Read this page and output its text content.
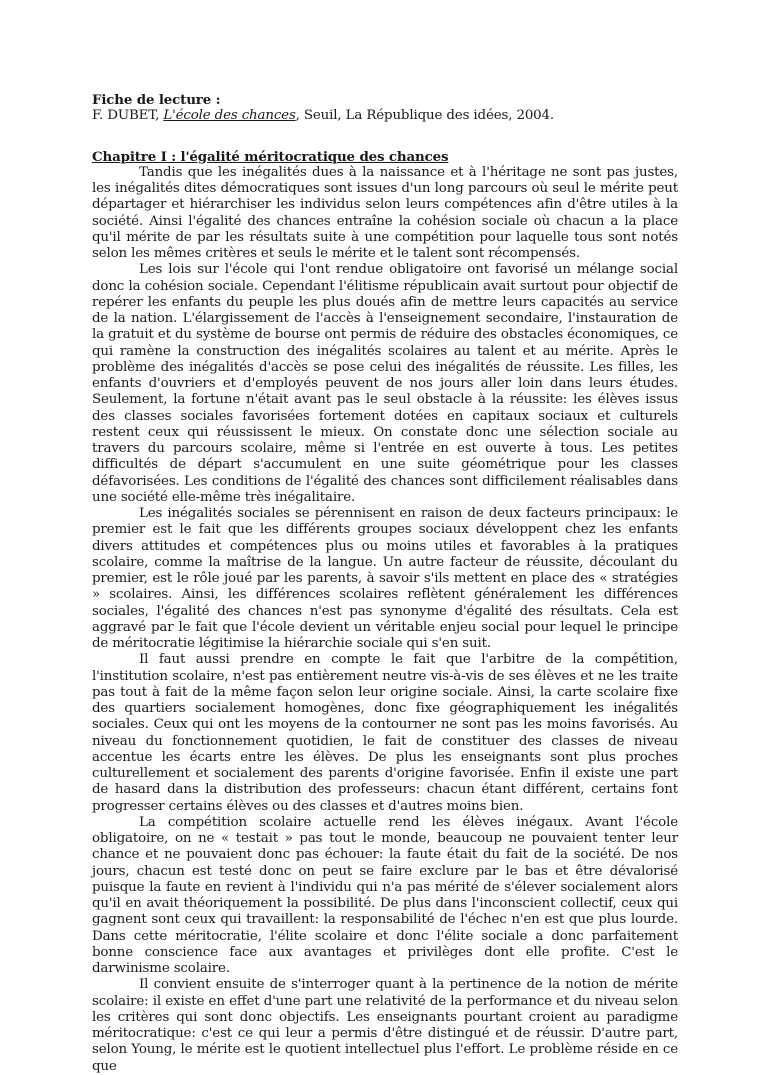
Fiche de lecture :

F. DUBET, L'école des chances, Seuil, La République des idées, 2004.

Chapitre I : l'égalité méritocratique des chances

Tandis que les inégalités dues à la naissance et à l'héritage ne sont pas justes, les inégalités dites démocratiques sont issues d'un long parcours où seul le mérite peut départager et hiérarchiser les individus selon leurs compétences afin d'être utiles à la société. Ainsi l'égalité des chances entraîne la cohésion sociale où chacun a la place qu'il mérite de par les résultats suite à une compétition pour laquelle tous sont notés selon les mêmes critères et seuls le mérite et le talent sont récompensés.

Les lois sur l'école qui l'ont rendue obligatoire ont favorisé un mélange social donc la cohésion sociale. Cependant l'élitisme républicain avait surtout pour objectif de repérer les enfants du peuple les plus doués afin de mettre leurs capacités au service de la nation. L'élargissement de l'accès à l'enseignement secondaire, l'instauration de la gratuit et du système de bourse ont permis de réduire des obstacles économiques, ce qui ramène la construction des inégalités scolaires au talent et au mérite. Après le problème des inégalités d'accès se pose celui des inégalités de réussite. Les filles, les enfants d'ouvriers et d'employés peuvent de nos jours aller loin dans leurs études. Seulement, la fortune n'était avant pas le seul obstacle à la réussite: les élèves issus des classes sociales favorisées fortement dotées en capitaux sociaux et culturels restent ceux qui réussissent le mieux. On constate donc une sélection sociale au travers du parcours scolaire, même si l'entrée en est ouverte à tous. Les petites difficultés de départ s'accumulent en une suite géométrique pour les classes défavorisées. Les conditions de l'égalité des chances sont difficilement réalisables dans une société elle-même très inégalitaire.

Les inégalités sociales se pérennisent en raison de deux facteurs principaux: le premier est le fait que les différents groupes sociaux développent chez les enfants divers attitudes et compétences plus ou moins utiles et favorables à la pratiques scolaire, comme la maîtrise de la langue. Un autre facteur de réussite, découlant du premier, est le rôle joué par les parents, à savoir s'ils mettent en place des « stratégies » scolaires. Ainsi, les différences scolaires reflètent généralement les différences sociales, l'égalité des chances n'est pas synonyme d'égalité des résultats. Cela est aggravé par le fait que l'école devient un véritable enjeu social pour lequel le principe de méritocratie légitimise la hiérarchie sociale qui s'en suit.

Il faut aussi prendre en compte le fait que l'arbitre de la compétition, l'institution scolaire, n'est pas entièrement neutre vis-à-vis de ses élèves et ne les traite pas tout à fait de la même façon selon leur origine sociale. Ainsi, la carte scolaire fixe des quartiers socialement homogènes, donc fixe géographiquement les inégalités sociales. Ceux qui ont les moyens de la contourner ne sont pas les moins favorisés. Au niveau du fonctionnement quotidien, le fait de constituer des classes de niveau accentue les écarts entre les élèves. De plus les enseignants sont plus proches culturellement et socialement des parents d'origine favorisée. Enfin il existe une part de hasard dans la distribution des professeurs: chacun étant différent, certains font progresser certains élèves ou des classes et d'autres moins bien.

La compétition scolaire actuelle rend les élèves inégaux. Avant l'école obligatoire, on ne « testait » pas tout le monde, beaucoup ne pouvaient tenter leur chance et ne pouvaient donc pas échouer: la faute était du fait de la société. De nos jours, chacun est testé donc on peut se faire exclure par le bas et être dévalorisé puisque la faute en revient à l'individu qui n'a pas mérité de s'élever socialement alors qu'il en avait théoriquement la possibilité. De plus dans l'inconscient collectif, ceux qui gagnent sont ceux qui travaillent: la responsabilité de l'échec n'en est que plus lourde. Dans cette méritocratie, l'élite scolaire et donc l'élite sociale a donc parfaitement bonne conscience face aux avantages et privilèges dont elle profite. C'est le darwinisme scolaire.

Il convient ensuite de s'interroger quant à la pertinence de la notion de mérite scolaire: il existe en effet d'une part une relativité de la performance et du niveau selon les critères qui sont donc objectifs. Les enseignants pourtant croient au paradigme méritocratique: c'est ce qui leur a permis d'être distingué et de réussir. D'autre part, selon Young, le mérite est le quotient intellectuel plus l'effort. Le problème réside en ce que
